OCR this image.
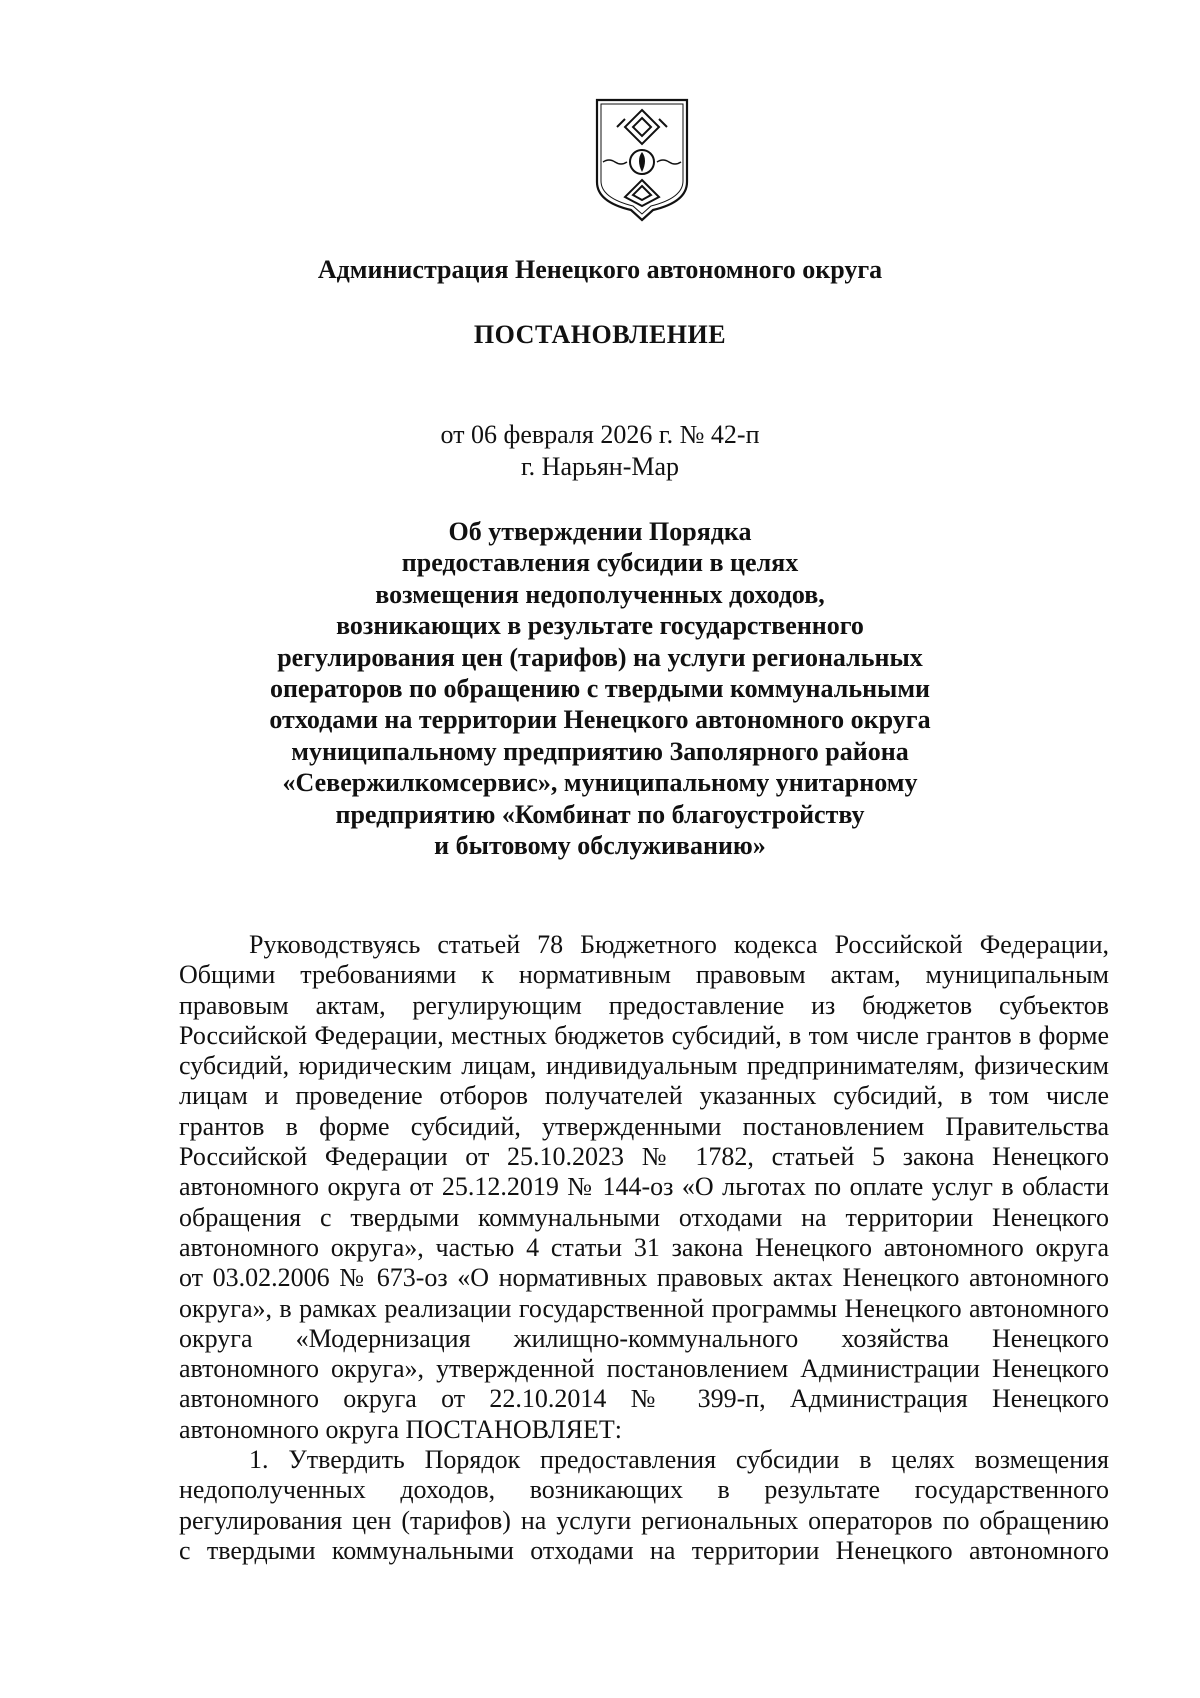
Администрация Ненецкого автономного округа
ПОСТАНОВЛЕНИЕ
от 06 февраля 2026 г. № 42-п
г. Нарьян-Мар
Об утверждении Порядка
предоставления субсидии в целях
возмещения недополученных доходов,
возникающих в результате государственного
регулирования цен (тарифов) на услуги региональных
операторов по обращению с твердыми коммунальными
отходами на территории Ненецкого автономного округа
муниципальному предприятию Заполярного района
«Севержилкомсервис», муниципальному унитарному
предприятию «Комбинат по благоустройству
и бытовому обслуживанию»
Руководствуясь статьей 78 Бюджетного кодекса Российской Федерации,
Общими требованиями к нормативным правовым актам, муниципальным
правовым актам, регулирующим предоставление из бюджетов субъектов
Российской Федерации, местных бюджетов субсидий, в том числе грантов в форме
субсидий, юридическим лицам, индивидуальным предпринимателям, физическим
лицам и проведение отборов получателей указанных субсидий, в том числе
грантов в форме субсидий, утвержденными постановлением Правительства
Российской Федерации от 25.10.2023 № 1782, статьей 5 закона Ненецкого
автономного округа от 25.12.2019 № 144-оз «О льготах по оплате услуг в области
обращения с твердыми коммунальными отходами на территории Ненецкого
автономного округа», частью 4 статьи 31 закона Ненецкого автономного округа
от 03.02.2006 № 673-оз «О нормативных правовых актах Ненецкого автономного
округа», в рамках реализации государственной программы Ненецкого автономного
округа «Модернизация жилищно-коммунального хозяйства Ненецкого
автономного округа», утвержденной постановлением Администрации Ненецкого
автономного округа от 22.10.2014 № 399-п, Администрация Ненецкого
автономного округа ПОСТАНОВЛЯЕТ:
1. Утвердить Порядок предоставления субсидии в целях возмещения
недополученных доходов, возникающих в результате государственного
регулирования цен (тарифов) на услуги региональных операторов по обращению
с твердыми коммунальными отходами на территории Ненецкого автономного
